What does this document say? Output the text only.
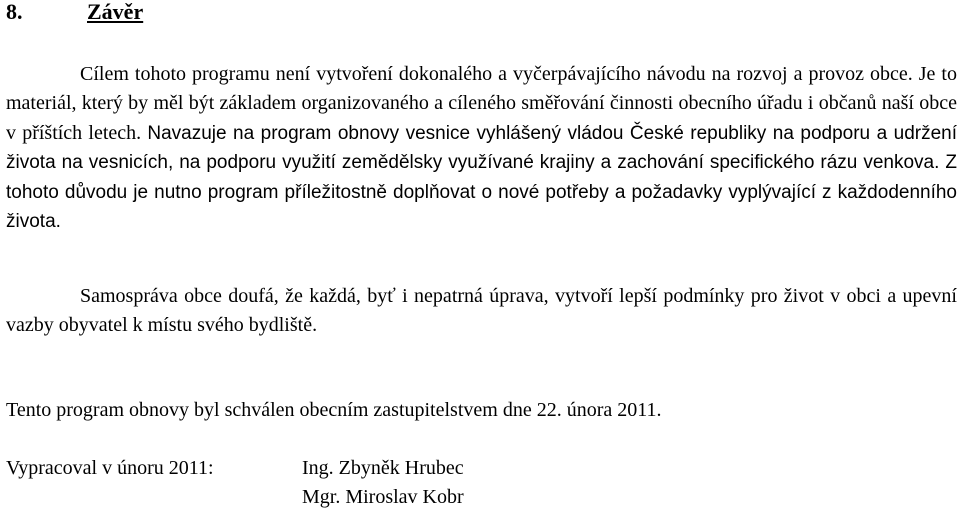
8.	Závěr

Cílem tohoto programu není vytvoření dokonalého a vyčerpávajícího návodu na rozvoj a provoz obce. Je to materiál, který by měl být základem organizovaného a cíleného směřování činnosti obecního úřadu i občanů naší obce v příštích letech. Navazuje na program obnovy vesnice vyhlášený vládou České republiky na podporu a udržení života na vesnicích, na podporu využití zemědělsky využívané krajiny a zachování specifického rázu venkova. Z tohoto důvodu je nutno program příležitostně doplňovat o nové potřeby a požadavky vyplývající z každodenního života.

Samospráva obce doufá, že každá, byť i nepatrná úprava, vytvoří lepší podmínky pro život v obci a upevní vazby obyvatel k místu svého bydliště.

Tento program obnovy byl schválen obecním zastupitelstvem dne 22. února 2011.
Vypracoval v únoru 2011:	Ing. Zbyněk Hrubec
Mgr. Miroslav Kobr
